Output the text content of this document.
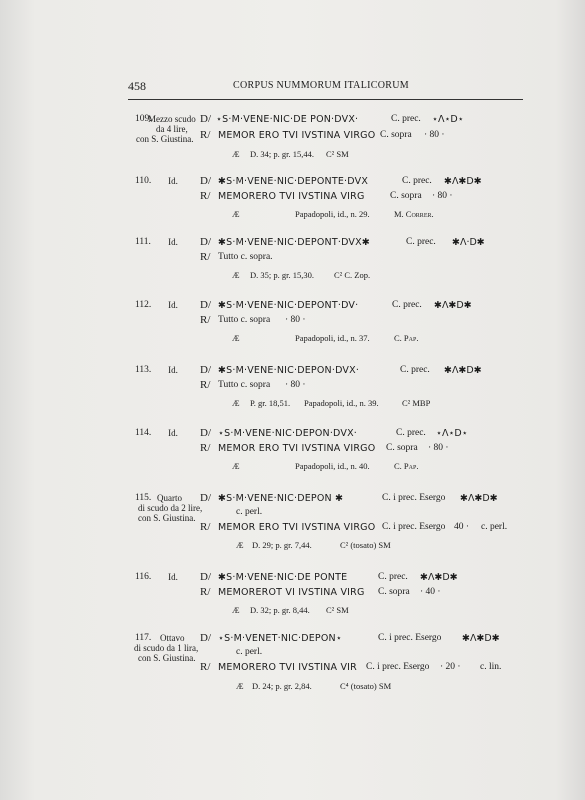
458	CORPUS NUMMORUM ITALICORUM
109.
Mezzo scudo
da 4 lire,
con S. Giustina.
D/ ⋆S·M·VENE·NIC·DE PON·DVX·	C. prec. ⋆Λ⋆D⋆
R/ MEMOR ERO TVI IVSTINA VIRGO C. sopra · 80 ·
Æ D. 34; p. gr. 15,44. C² SM
110.	Id.	D/ ✱S·M·VENE·NIC·DEPONTE·DVX	C. prec. ✱Λ✱D✱
R/ MEMORERO TVI IVSTINA VIRG	C. sopra · 80 ·
Æ	Papadopoli, id., n. 29.	M. Correr.
111.	Id.	D/ ✱S·M·VENE·NIC·DEPONT·DVX✱	C. prec. ✱Λ·D✱
R/ Tutto c. sopra.
Æ D. 35; p. gr. 15,30. C² C. Zop.
112.	Id.	D/ ✱S·M·VENE·NIC·DEPONT·DV·	C. prec. ✱Λ✱D✱
R/ Tutto c. sopra · 80 ·
Æ	Papadopoli, id., n. 37.	C. Pap.
113.	Id.	D/ ✱S·M·VENE·NIC·DEPON·DVX·	C. prec. ✱Λ✱D✱
R/ Tutto c. sopra · 80 ·
Æ P. gr. 18,51. Papadopoli, id., n. 39.	C² MBP
114.	Id.	D/ ⋆S·M·VENE·NIC·DEPON·DVX·	C. prec. ⋆Λ⋆D⋆
R/ MEMOR ERO TVI IVSTINA VIRGO C. sopra · 80 ·
Æ	Papadopoli, id., n. 40.	C. Pap.
115. Quarto
di scudo da 2 lire,
con S. Giustina.
D/ ✱S·M·VENE·NIC·DEPON ✱	C. i prec. Esergo ✱Λ✱D✱
c. perl.
R/ MEMOR ERO TVI IVSTINA VIRGO C. i prec. Esergo 40 · c. perl.
Æ D. 29; p. gr. 7,44.	C² (tosato) SM
116.	Id.	D/ ✱S·M·VENE·NIC·DE PONTE	C. prec. ✱Λ✱D✱
R/ MEMOREROT VI IVSTINA VIRG C. sopra · 40 ·
Æ D. 32; p. gr. 8,44. C² SM
117. Ottavo
di scudo da 1 lira,
con S. Giustina.
D/ ⋆S·M·VENET·NIC·DEPON⋆	C. i prec. Esergo ✱Λ✱D✱
c. perl.
R/ MEMORERO TVI IVSTINA VIR C. i prec. Esergo · 20 · c. lin.
Æ D. 24; p. gr. 2,84.	C⁴ (tosato) SM
